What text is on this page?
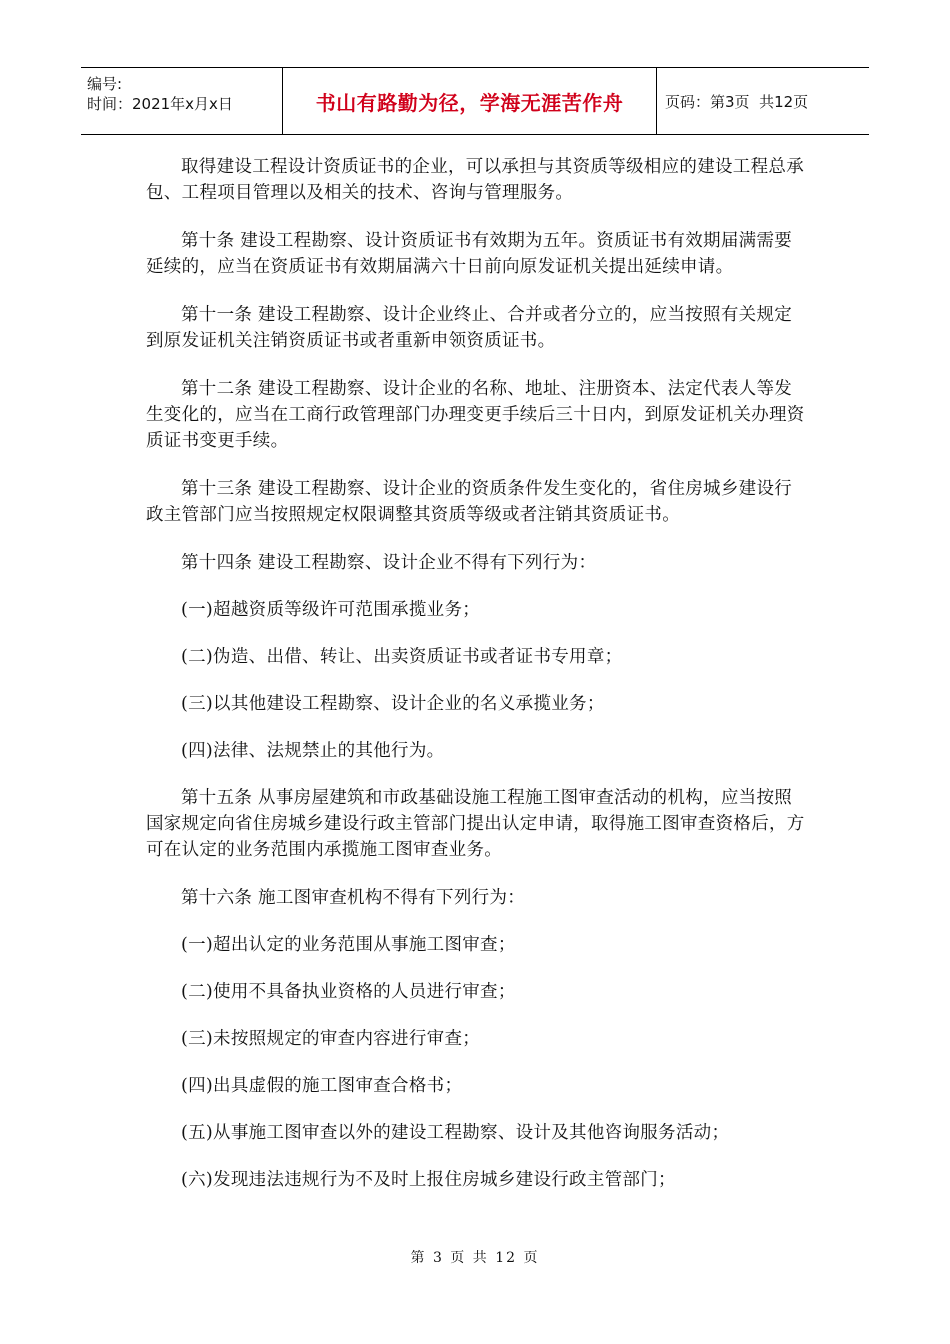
编号:
时间：2021年x月x日	书山有路勤为径，学海无涯苦作舟	页码：第3页  共12页

取得建设工程设计资质证书的企业，可以承担与其资质等级相应的建设工程总承包、工程项目管理以及相关的技术、咨询与管理服务。

第十条 建设工程勘察、设计资质证书有效期为五年。资质证书有效期届满需要延续的，应当在资质证书有效期届满六十日前向原发证机关提出延续申请。

第十一条 建设工程勘察、设计企业终止、合并或者分立的，应当按照有关规定到原发证机关注销资质证书或者重新申领资质证书。

第十二条 建设工程勘察、设计企业的名称、地址、注册资本、法定代表人等发生变化的，应当在工商行政管理部门办理变更手续后三十日内，到原发证机关办理资质证书变更手续。

第十三条 建设工程勘察、设计企业的资质条件发生变化的，省住房城乡建设行政主管部门应当按照规定权限调整其资质等级或者注销其资质证书。

第十四条 建设工程勘察、设计企业不得有下列行为：

(一)超越资质等级许可范围承揽业务；

(二)伪造、出借、转让、出卖资质证书或者证书专用章；

(三)以其他建设工程勘察、设计企业的名义承揽业务；

(四)法律、法规禁止的其他行为。

第十五条 从事房屋建筑和市政基础设施工程施工图审查活动的机构，应当按照国家规定向省住房城乡建设行政主管部门提出认定申请，取得施工图审查资格后，方可在认定的业务范围内承揽施工图审查业务。

第十六条 施工图审查机构不得有下列行为：

(一)超出认定的业务范围从事施工图审查；

(二)使用不具备执业资格的人员进行审查；

(三)未按照规定的审查内容进行审查；

(四)出具虚假的施工图审查合格书；

(五)从事施工图审查以外的建设工程勘察、设计及其他咨询服务活动；

(六)发现违法违规行为不及时上报住房城乡建设行政主管部门；

第 3 页 共 12 页
